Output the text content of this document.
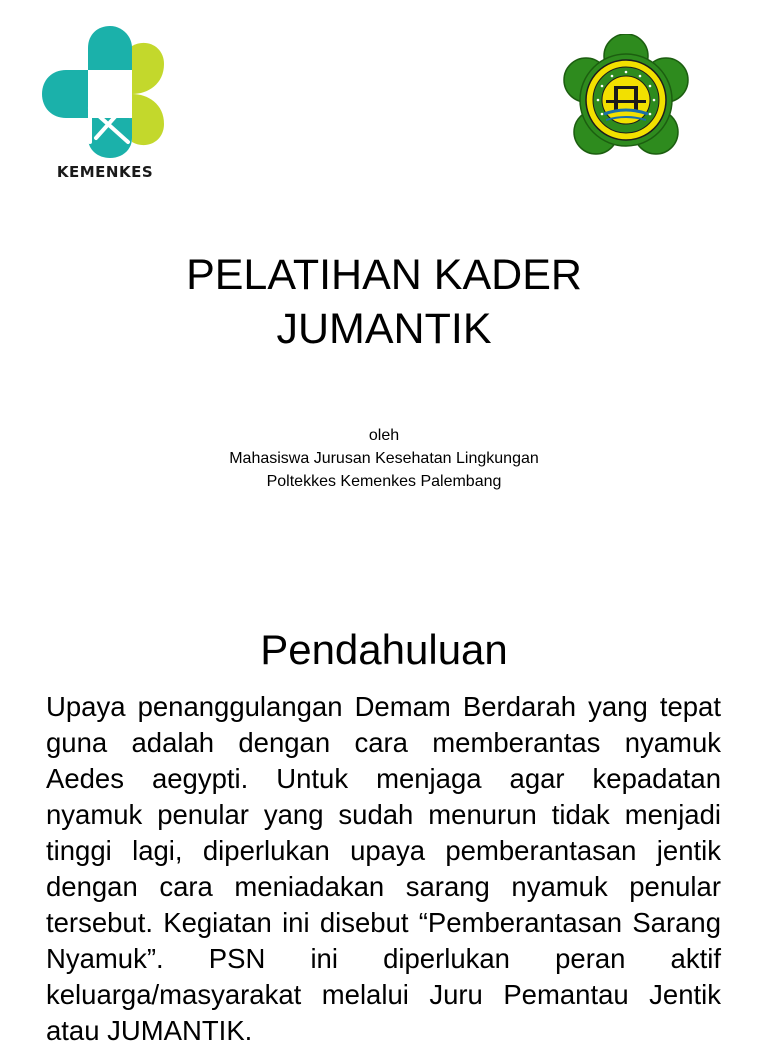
KEMENKES
PELATIHAN KADER
JUMANTIK
oleh
Mahasiswa Jurusan Kesehatan Lingkungan
Poltekkes Kemenkes Palembang
Pendahuluan
Upaya penanggulangan Demam Berdarah yang tepat guna adalah dengan cara memberantas nyamuk Aedes aegypti. Untuk menjaga agar kepadatan nyamuk penular yang sudah menurun tidak menjadi tinggi lagi, diperlukan upaya pemberantasan jentik dengan cara meniadakan sarang nyamuk penular tersebut. Kegiatan ini disebut “Pemberantasan Sarang Nyamuk”. PSN ini diperlukan peran aktif keluarga/masyarakat melalui Juru Pemantau Jentik atau JUMANTIK.
